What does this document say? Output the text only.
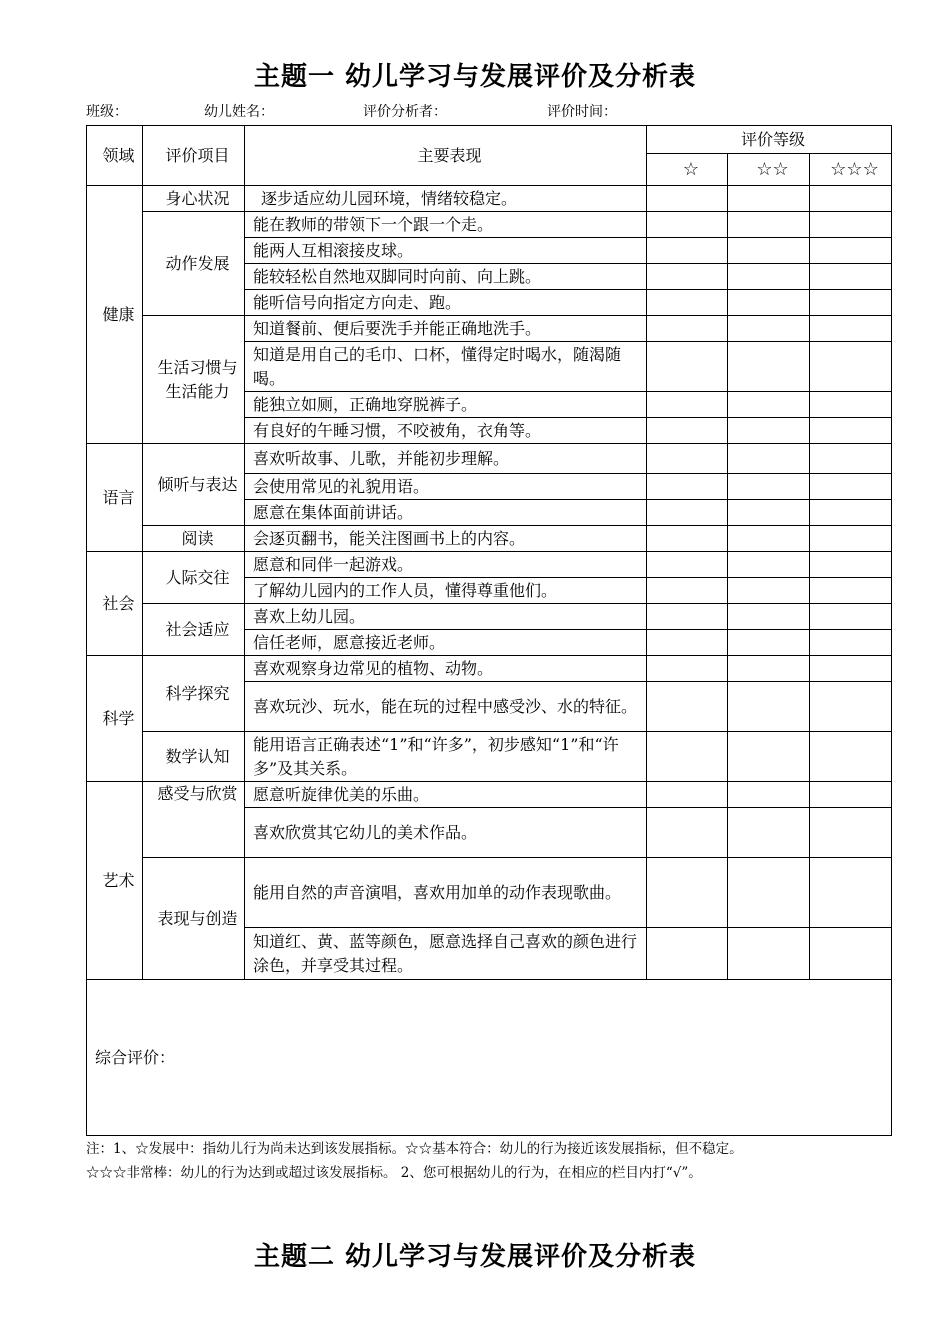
主题一 幼儿学习与发展评价及分析表
班级：	幼儿姓名：	评价分析者：	评价时间：
领域	评价项目	主要表现	评价等级		
			☆	☆☆	☆☆☆
健康	身心状况	逐步适应幼儿园环境，情绪较稳定。			
	动作发展	能在教师的带领下一个跟一个走。			
		能两人互相滚接皮球。			
		能较轻松自然地双脚同时向前、向上跳。			
		能听信号向指定方向走、跑。			
	生活习惯与生活能力	知道餐前、便后要洗手并能正确地洗手。			
		知道是用自己的毛巾、口杯，懂得定时喝水，随渴随喝。			
		能独立如厕，正确地穿脱裤子。			
		有良好的午睡习惯，不咬被角，衣角等。			
语言	倾听与表达	喜欢听故事、儿歌，并能初步理解。			
		会使用常见的礼貌用语。			
		愿意在集体面前讲话。			
	阅读	会逐页翻书，能关注图画书上的内容。			
社会	人际交往	愿意和同伴一起游戏。			
		了解幼儿园内的工作人员，懂得尊重他们。			
	社会适应	喜欢上幼儿园。			
		信任老师，愿意接近老师。			
科学	科学探究	喜欢观察身边常见的植物、动物。			
		喜欢玩沙、玩水，能在玩的过程中感受沙、水的特征。			
	数学认知	能用语言正确表述“1”和“许多”，初步感知“1”和“许多”及其关系。			
艺术	感受与欣赏	愿意听旋律优美的乐曲。			
		喜欢欣赏其它幼儿的美术作品。			
	表现与创造	能用自然的声音演唱，喜欢用加单的动作表现歌曲。			
		知道红、黄、蓝等颜色，愿意选择自己喜欢的颜色进行涂色，并享受其过程。			
综合评价：					
注：1、☆发展中：指幼儿行为尚未达到该发展指标。☆☆基本符合：幼儿的行为接近该发展指标，但不稳定。
☆☆☆非常棒：幼儿的行为达到或超过该发展指标。 2、您可根据幼儿的行为，在相应的栏目内打“√”。
主题二 幼儿学习与发展评价及分析表
